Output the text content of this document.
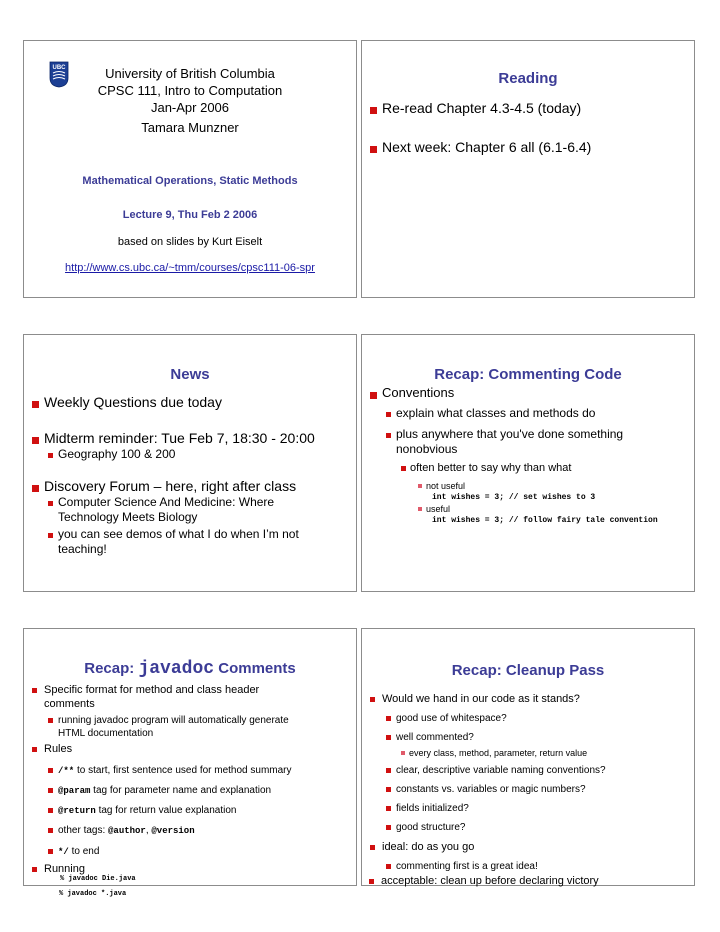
UBC	University of British Columbia
CPSC 111, Intro to Computation
Jan-Apr 2006
Tamara Munzner
Mathematical Operations, Static Methods
Lecture 9, Thu Feb 2 2006
based on slides by Kurt Eiselt
http://www.cs.ubc.ca/~tmm/courses/cpsc111-06-spr
Reading
Re-read Chapter 4.3-4.5 (today)
Next week: Chapter 6 all (6.1-6.4)
News
Weekly Questions due today
Midterm reminder: Tue Feb 7, 18:30 - 20:00
Geography 100 & 200
Discovery Forum – here, right after class
Computer Science And Medicine: Where
Technology Meets Biology
you can see demos of what I do when I’m not
teaching!
Recap: Commenting Code
Conventions
explain what classes and methods do
plus anywhere that you've done something
nonobvious
often better to say why than what
not useful
int wishes = 3; // set wishes to 3
useful
int wishes = 3; // follow fairy tale convention
Recap: javadoc Comments
Specific format for method and class header
comments
running javadoc program will automatically generate
HTML documentation
Rules
/** to start, first sentence used for method summary
@param tag for parameter name and explanation
@return tag for return value explanation
other tags: @author, @version
*/ to end
Running
% javadoc Die.java
Recap: Cleanup Pass
Would we hand in our code as it stands?
good use of whitespace?
well commented?
every class, method, parameter, return value
clear, descriptive variable naming conventions?
constants vs. variables or magic numbers?
fields initialized?
good structure?
ideal: do as you go
commenting first is a great idea!
% javadoc *.java
acceptable: clean up before declaring victory
